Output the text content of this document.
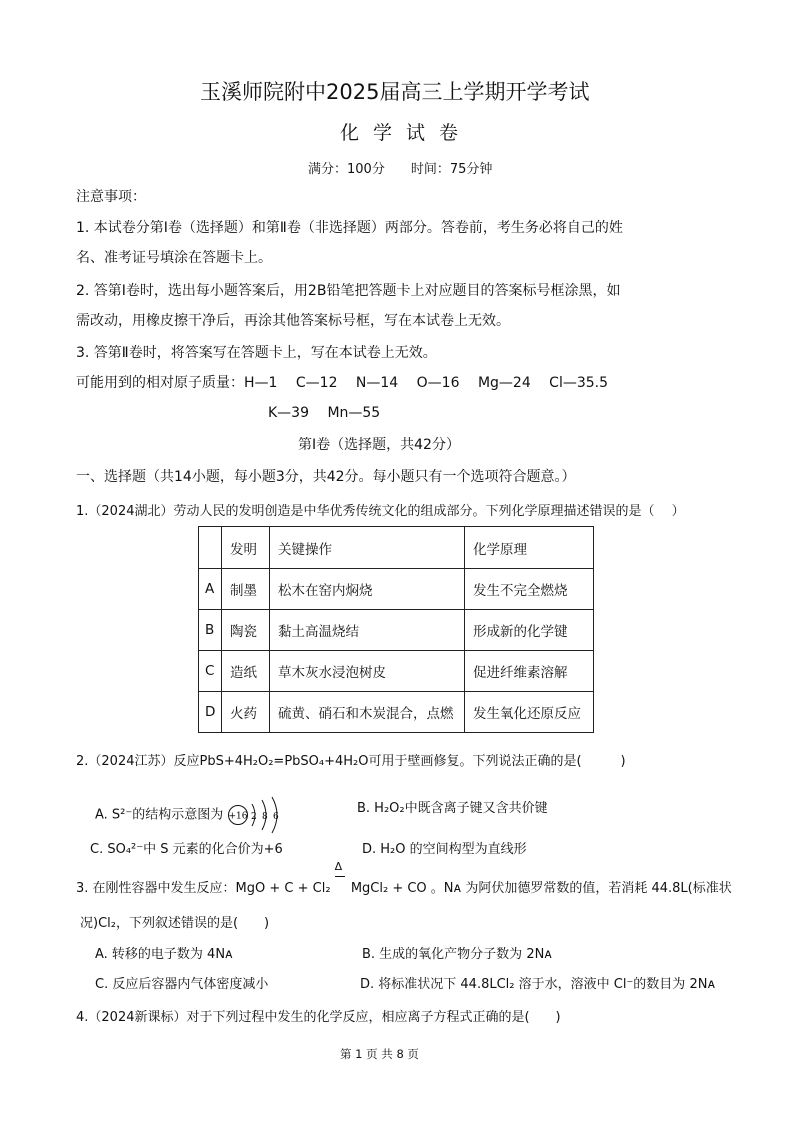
玉溪师院附中2025届高三上学期开学考试
化学试卷
满分：100分　　时间：75分钟
注意事项：
1. 本试卷分第Ⅰ卷（选择题）和第Ⅱ卷（非选择题）两部分。答卷前，考生务必将自己的姓
名、准考证号填涂在答题卡上。
2. 答第Ⅰ卷时，选出每小题答案后，用2B铅笔把答题卡上对应题目的答案标号框涂黑，如
需改动，用橡皮擦干净后，再涂其他答案标号框，写在本试卷上无效。
3. 答第Ⅱ卷时，将答案写在答题卡上，写在本试卷上无效。
可能用到的相对原子质量：H—1　 C—12　 N—14　 O—16　 Mg—24　 Cl—35.5
K—39　 Mn—55
第Ⅰ卷（选择题，共42分）
一、选择题（共14小题，每小题3分，共42分。每小题只有一个选项符合题意。）
1.（2024湖北）劳动人民的发明创造是中华优秀传统文化的组成部分。下列化学原理描述错误的是（　 ）
	发明	关键操作	化学原理
A	制墨	松木在窑内焖烧	发生不完全燃烧
B	陶瓷	黏土高温烧结	形成新的化学键
C	造纸	草木灰水浸泡树皮	促进纤维素溶解
D	火药	硫黄、硝石和木炭混合，点燃	发生氧化还原反应
2.（2024江苏）反应PbS+4H₂O₂=PbSO₄+4H₂O可用于壁画修复。下列说法正确的是(　　　)
A. S²⁻的结构示意图为 +16 2 8 6
B. H₂O₂中既含离子键又含共价键
C. SO₄²⁻中 S 元素的化合价为+6	D. H₂O 的空间构型为直线形
3. 在刚性容器中发生反应：MgO + C + Cl₂
Δ
MgCl₂ + CO 。Nᴀ 为阿伏加德罗常数的值，若消耗 44.8L(标准状
况)Cl₂，下列叙述错误的是(　　)
A. 转移的电子数为 4Nᴀ	B. 生成的氧化产物分子数为 2Nᴀ
C. 反应后容器内气体密度减小	D. 将标准状况下 44.8LCl₂ 溶于水，溶液中 Cl⁻的数目为 2Nᴀ
4.（2024新课标）对于下列过程中发生的化学反应，相应离子方程式正确的是(　　)
第 1 页 共 8 页
